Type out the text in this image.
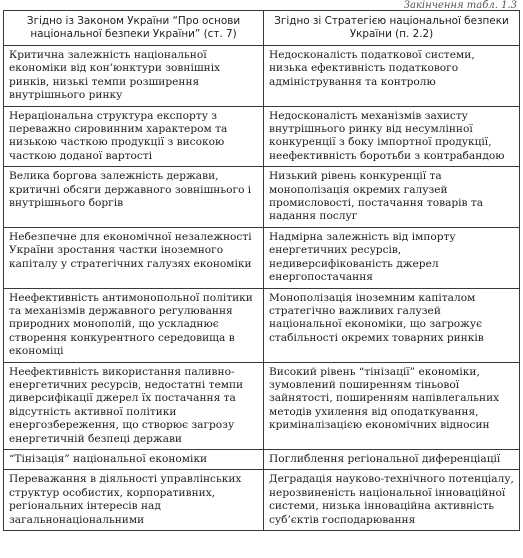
Закінчення табл. 1.3
Згідно із Законом України “Про основи національної безпеки України” (ст. 7)	Згідно зі Стратегією національної безпеки України (п. 2.2)
Критична залежність національної економіки від кон’юнктури зовнішніх ринків, низькі темпи розширення внутрішнього ринку	Недосконалість податкової системи, низька ефективність податкового адміністрування та контролю
Нераціональна структура експорту з переважно сировинним характером та низькою часткою продукції з високою часткою доданої вартості	Недосконалість механізмів захисту внутрішнього ринку від несумлінної конкуренції з боку імпортної продукції, неефективність боротьби з контрабандою
Велика боргова залежність держави, критичні обсяги державного зовнішнього і внутрішнього боргів	Низький рівень конкуренції та монополізація окремих галузей промисловості, постачання товарів та надання послуг
Небезпечне для економічної незалежності України зростання частки іноземного капіталу у стратегічних галузях економіки	Надмірна залежність від імпорту енергетичних ресурсів, недиверсифікованість джерел енергопостачання
Неефективність антимонопольної політики та механізмів державного регулювання природних монополій, що ускладнює створення конкурентного середовища в економіці	Монополізація іноземним капіталом стратегічно важливих галузей національної економіки, що загрожує стабільності окремих товарних ринків
Неефективність використання паливно-енергетичних ресурсів, недостатні темпи диверсифікації джерел їх постачання та відсутність активної політики енергозбереження, що створює загрозу енергетичній безпеці держави	Високий рівень “тінізації” економіки, зумовлений поширенням тіньової зайнятості, поширенням напівлегальних методів ухилення від оподаткування, криміналізацією економічних відносин
“Тінізація” національної економіки	Поглиблення регіональної диференціації
Переважання в діяльності управлінських структур особистих, корпоративних, регіональних інтересів над загальнонаціональними	Деградація науково-технічного потенціалу, нерозвиненість національної інноваційної системи, низька інноваційна активність суб’єктів господарювання
